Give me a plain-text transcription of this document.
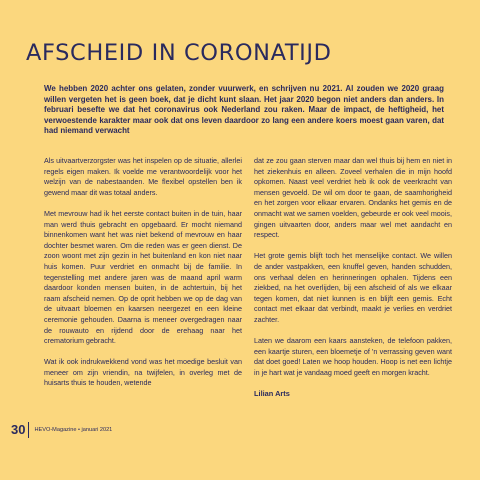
AFSCHEID IN CORONATIJD

We hebben 2020 achter ons gelaten, zonder vuurwerk, en schrijven nu 2021. Al zouden we 2020 graag willen vergeten het is geen boek, dat je dicht kunt slaan. Het jaar 2020 begon niet anders dan anders. In februari besefte we dat het coronavirus ook Nederland zou raken. Maar de impact, de heftigheid, het verwoestende karakter maar ook dat ons leven daardoor zo lang een andere koers moest gaan varen, dat had niemand verwacht

Als uitvaartverzorgster was het inspelen op de situatie, allerlei regels eigen maken. Ik voelde me verantwoordelijk voor het welzijn van de nabestaanden. Me flexibel opstellen ben ik gewend maar dit was totaal anders.

Met mevrouw had ik het eerste contact buiten in de tuin, haar man werd thuis gebracht en opgebaard. Er mocht niemand binnenkomen want het was niet bekend of mevrouw en haar dochter besmet waren. Om die reden was er geen dienst. De zoon woont met zijn gezin in het buitenland en kon niet naar huis komen. Puur verdriet en onmacht bij de familie. In tegenstelling met andere jaren was de maand april warm daardoor konden mensen buiten, in de achtertuin, bij het raam afscheid nemen. Op de oprit hebben we op de dag van de uitvaart bloemen en kaarsen neergezet en een kleine ceremonie gehouden. Daarna is meneer overgedragen naar de rouwauto en rijdend door de erehaag naar het crematorium gebracht.

Wat ik ook indrukwekkend vond was het moedige besluit van meneer om zijn vriendin, na twijfelen, in overleg met de huisarts thuis te houden, wetende

dat ze zou gaan sterven maar dan wel thuis bij hem en niet in het ziekenhuis en alleen. Zoveel verhalen die in mijn hoofd opkomen. Naast veel verdriet heb ik ook de veerkracht van mensen gevoeld. De wil om door te gaan, de saamhorigheid en het zorgen voor elkaar ervaren. Ondanks het gemis en de onmacht wat we samen voelden, gebeurde er ook veel moois, gingen uitvaarten door, anders maar wel met aandacht en respect.

Het grote gemis blijft toch het menselijke contact. We willen de ander vastpakken, een knuffel geven, handen schudden, ons verhaal delen en herinneringen ophalen. Tijdens een ziekbed, na het overlijden, bij een afscheid of als we elkaar tegen komen, dat niet kunnen is en blijft een gemis. Echt contact met elkaar dat verbindt, maakt je verlies en verdriet zachter.

Laten we daarom een kaars aansteken, de telefoon pakken, een kaartje sturen, een bloemetje of 'n verrassing geven want dat doet goed! Laten we hoop houden. Hoop is net een lichtje in je hart wat je vandaag moed geeft en morgen kracht.

Lilian Arts

30	HEVO-Magazine • januari 2021
